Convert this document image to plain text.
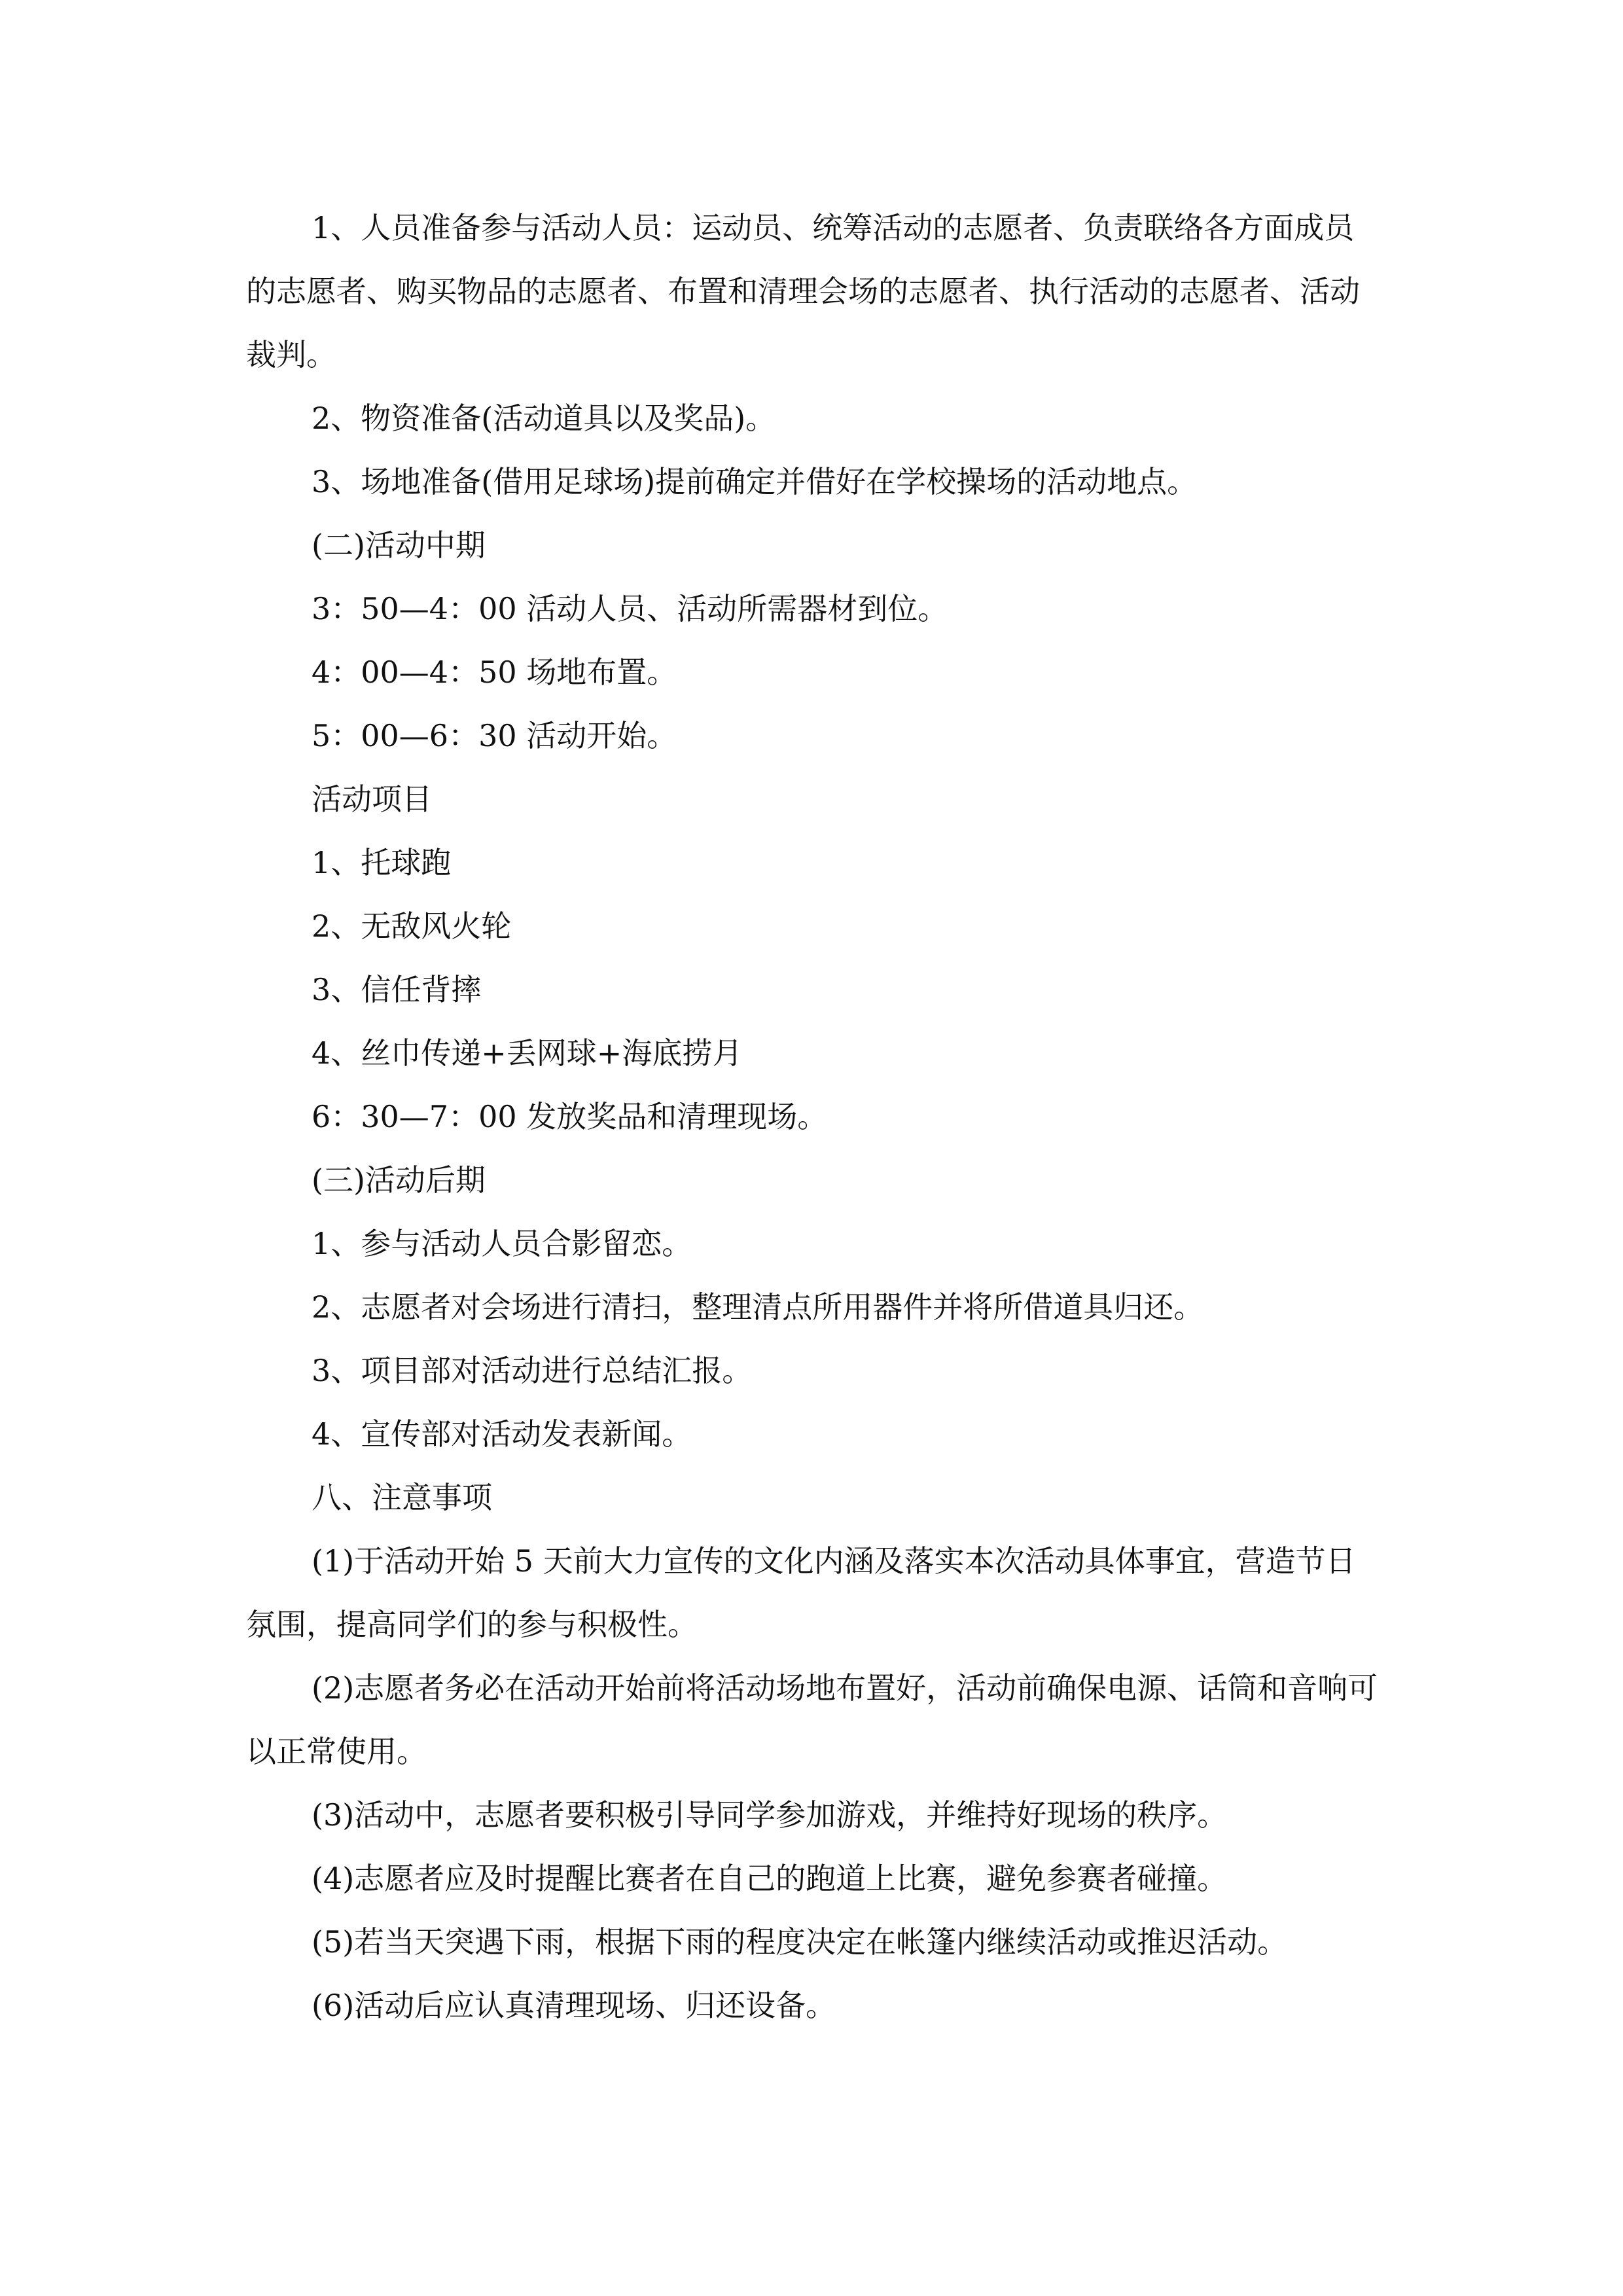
1、人员准备参与活动人员：运动员、统筹活动的志愿者、负责联络各方面成员的志愿者、购买物品的志愿者、布置和清理会场的志愿者、执行活动的志愿者、活动裁判。

2、物资准备(活动道具以及奖品)。

3、场地准备(借用足球场)提前确定并借好在学校操场的活动地点。

(二)活动中期

3：50—4：00 活动人员、活动所需器材到位。

4：00—4：50 场地布置。

5：00—6：30 活动开始。

活动项目

1、托球跑

2、无敌风火轮

3、信任背摔

4、丝巾传递+丢网球+海底捞月

6：30—7：00 发放奖品和清理现场。

(三)活动后期

1、参与活动人员合影留恋。

2、志愿者对会场进行清扫，整理清点所用器件并将所借道具归还。

3、项目部对活动进行总结汇报。

4、宣传部对活动发表新闻。

八、注意事项

(1)于活动开始 5 天前大力宣传的文化内涵及落实本次活动具体事宜，营造节日氛围，提高同学们的参与积极性。

(2)志愿者务必在活动开始前将活动场地布置好，活动前确保电源、话筒和音响可以正常使用。

(3)活动中，志愿者要积极引导同学参加游戏，并维持好现场的秩序。

(4)志愿者应及时提醒比赛者在自己的跑道上比赛，避免参赛者碰撞。

(5)若当天突遇下雨，根据下雨的程度决定在帐篷内继续活动或推迟活动。

(6)活动后应认真清理现场、归还设备。
